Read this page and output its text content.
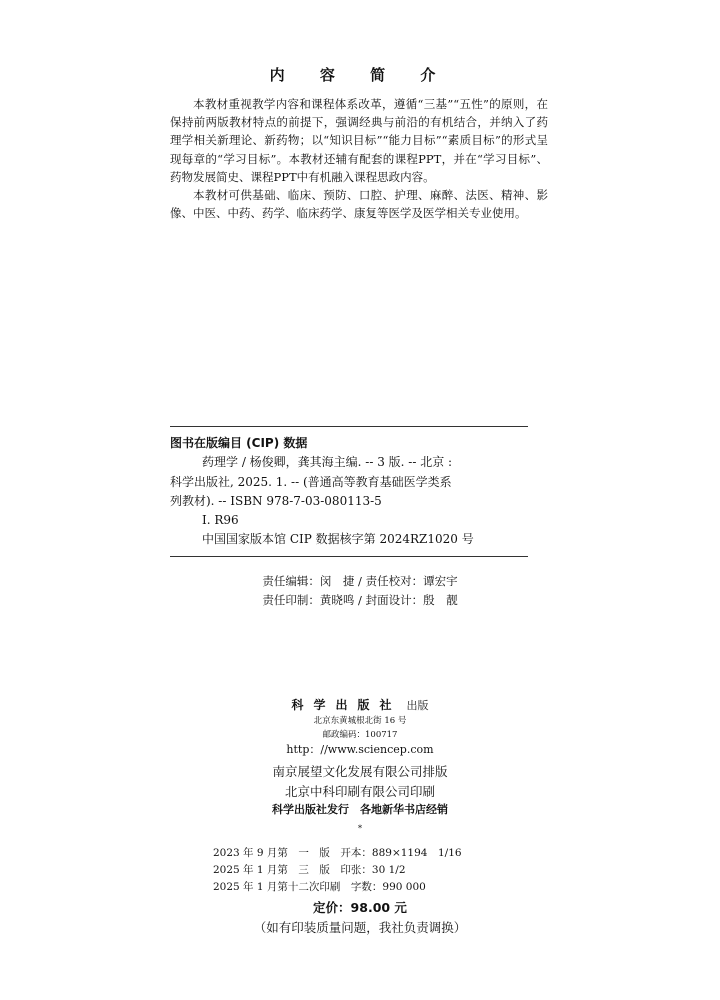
内 容 简 介

本教材重视教学内容和课程体系改革，遵循“三基”“五性”的原则，在保持前两版教材特点的前提下，强调经典与前沿的有机结合，并纳入了药理学相关新理论、新药物；以“知识目标”“能力目标”“素质目标”的形式呈现每章的“学习目标”。本教材还辅有配套的课程PPT，并在“学习目标”、药物发展简史、课程PPT中有机融入课程思政内容。

本教材可供基础、临床、预防、口腔、护理、麻醉、法医、精神、影像、中医、中药、药学、临床药学、康复等医学及医学相关专业使用。

图书在版编目 (CIP) 数据
药理学 / 杨俊卿，龚其海主编. -- 3 版. -- 北京 :
科学出版社, 2025. 1. -- (普通高等教育基础医学类系
列教材). -- ISBN 978-7-03-080113-5
Ⅰ. R96
中国国家版本馆 CIP 数据核字第 2024RZ1020 号
责任编辑：闵　捷 / 责任校对：谭宏宇
责任印制：黄晓鸣 / 封面设计：殷　靓
科学出版社 出版
北京东黄城根北街 16 号
邮政编码：100717
http：//www.sciencep.com
南京展望文化发展有限公司排版
北京中科印刷有限公司印刷
科学出版社发行　各地新华书店经销
*
2023 年 9 月第　一　版　开本：889×1194　1/16
2025 年 1 月第　三　版　印张：30 1/2
2025 年 1 月第十二次印刷　字数：990 000
定价：98.00 元
（如有印装质量问题，我社负责调换）
